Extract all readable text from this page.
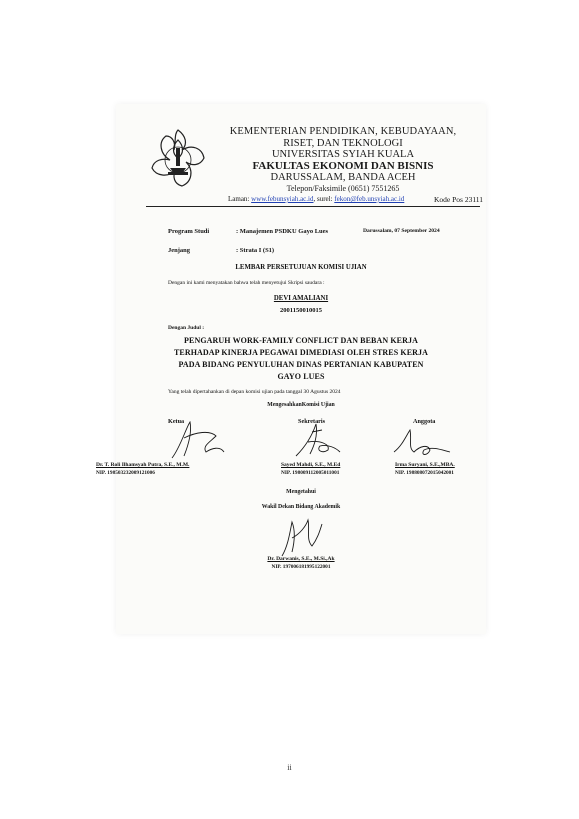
KEMENTERIAN PENDIDIKAN, KEBUDAYAAN,
RISET, DAN TEKNOLOGI
UNIVERSITAS SYIAH KUALA
FAKULTAS EKONOMI DAN BISNIS
DARUSSALAM, BANDA ACEH
Telepon/Faksimile (0651) 7551265
Laman: www.febunsyiah.ac.id, surel: fekon@feb.unsyiah.ac.id	Kode Pos 23111
Program Studi	: Manajemen PSDKU Gayo Lues	Darussalam, 07 September 2024
Jenjang	: Strata I (S1)
LEMBAR PERSETUJUAN KOMISI UJIAN
Dengan ini kami menyatakan bahwa telah menyetujui Skripsi saudara :
DEVI AMALIANI
2001150010015
Dengan Judul :
PENGARUH WORK-FAMILY CONFLICT DAN BEBAN KERJA
TERHADAP KINERJA PEGAWAI DIMEDIASI OLEH STRES KERJA
PADA BIDANG PENYULUHAN DINAS PERTANIAN KABUPATEN
GAYO LUES
Yang telah dipertahankan di depan komisi ujian pada tanggal 30 Agustus 2024
MengesahkanKomisi Ujian
Ketua	Sekretaris	Anggota
Dr. T. Roli Ilhamsyah Putra, S.E., M.M.
NIP. 198503232009121006
Sayed Mahdi, S.E., M.Ed
NIP. 198009112005011001
Irma Suryani, S.E.,MBA.
NIP. 198808072015042001
Mengetahui
Wakil Dekan Bidang Akademik
Dr. Darwanis, S.E., M.Si.,Ak
NIP. 197006181995122001
ii
